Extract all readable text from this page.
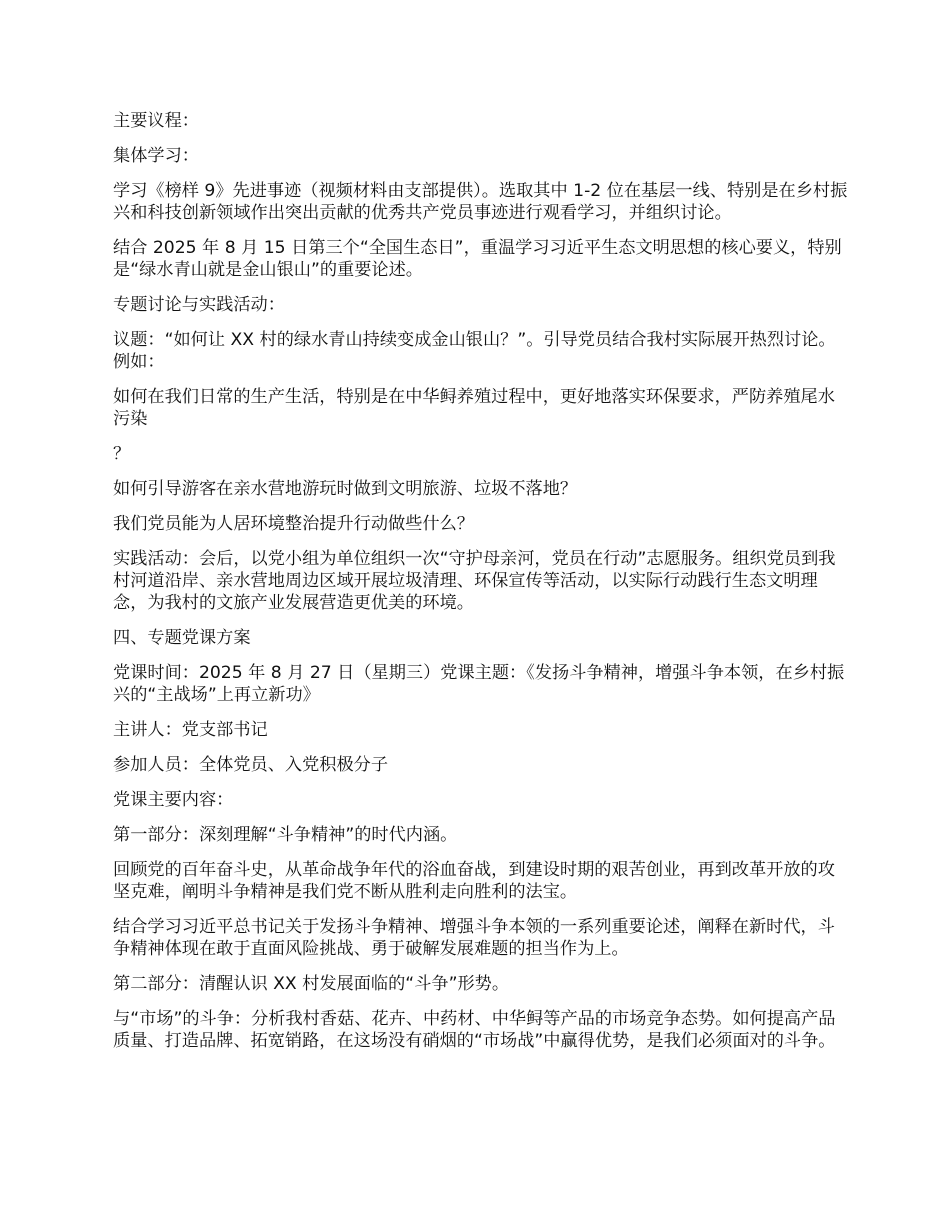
主要议程：

集体学习：

学习《榜样 9》先进事迹（视频材料由支部提供）。选取其中 1-2 位在基层一线、特别是在乡村振兴和科技创新领域作出突出贡献的优秀共产党员事迹进行观看学习，并组织讨论。

结合 2025 年 8 月 15 日第三个“全国生态日”，重温学习习近平生态文明思想的核心要义，特别是“绿水青山就是金山银山”的重要论述。

专题讨论与实践活动：

议题：“如何让 XX 村的绿水青山持续变成金山银山？”。引导党员结合我村实际展开热烈讨论。例如：

如何在我们日常的生产生活，特别是在中华鲟养殖过程中，更好地落实环保要求，严防养殖尾水污染

？

如何引导游客在亲水营地游玩时做到文明旅游、垃圾不落地？

我们党员能为人居环境整治提升行动做些什么？

实践活动：会后，以党小组为单位组织一次“守护母亲河，党员在行动”志愿服务。组织党员到我村河道沿岸、亲水营地周边区域开展垃圾清理、环保宣传等活动，以实际行动践行生态文明理念，为我村的文旅产业发展营造更优美的环境。

四、专题党课方案

党课时间：2025 年 8 月 27 日（星期三）党课主题：《发扬斗争精神，增强斗争本领，在乡村振兴的“主战场”上再立新功》

主讲人：党支部书记

参加人员：全体党员、入党积极分子

党课主要内容：

第一部分：深刻理解“斗争精神”的时代内涵。

回顾党的百年奋斗史，从革命战争年代的浴血奋战，到建设时期的艰苦创业，再到改革开放的攻坚克难，阐明斗争精神是我们党不断从胜利走向胜利的法宝。

结合学习习近平总书记关于发扬斗争精神、增强斗争本领的一系列重要论述，阐释在新时代，斗争精神体现在敢于直面风险挑战、勇于破解发展难题的担当作为上。

第二部分：清醒认识 XX 村发展面临的“斗争”形势。

与“市场”的斗争：分析我村香菇、花卉、中药材、中华鲟等产品的市场竞争态势。如何提高产品质量、打造品牌、拓宽销路，在这场没有硝烟的“市场战”中赢得优势，是我们必须面对的斗争。
